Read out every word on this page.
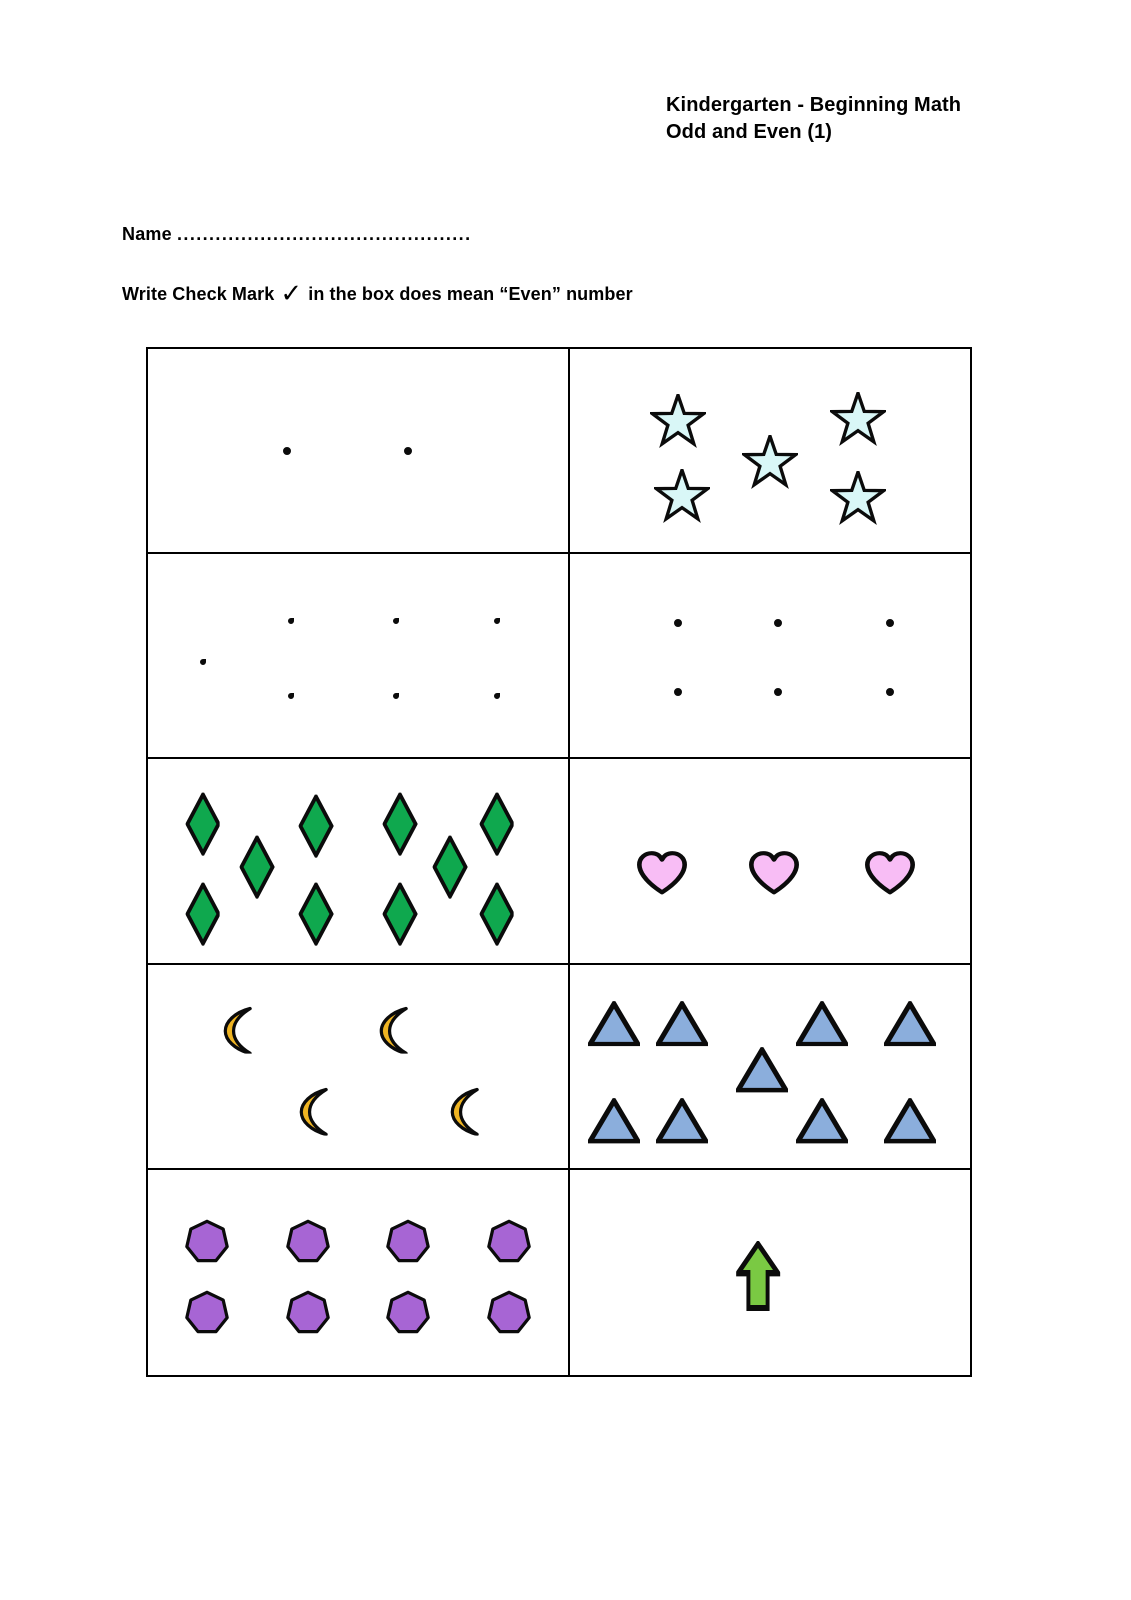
Kindergarten - Beginning Math
Odd and Even (1)
Name ..............................................
Write Check Mark ✓ in the box does mean “Even” number
